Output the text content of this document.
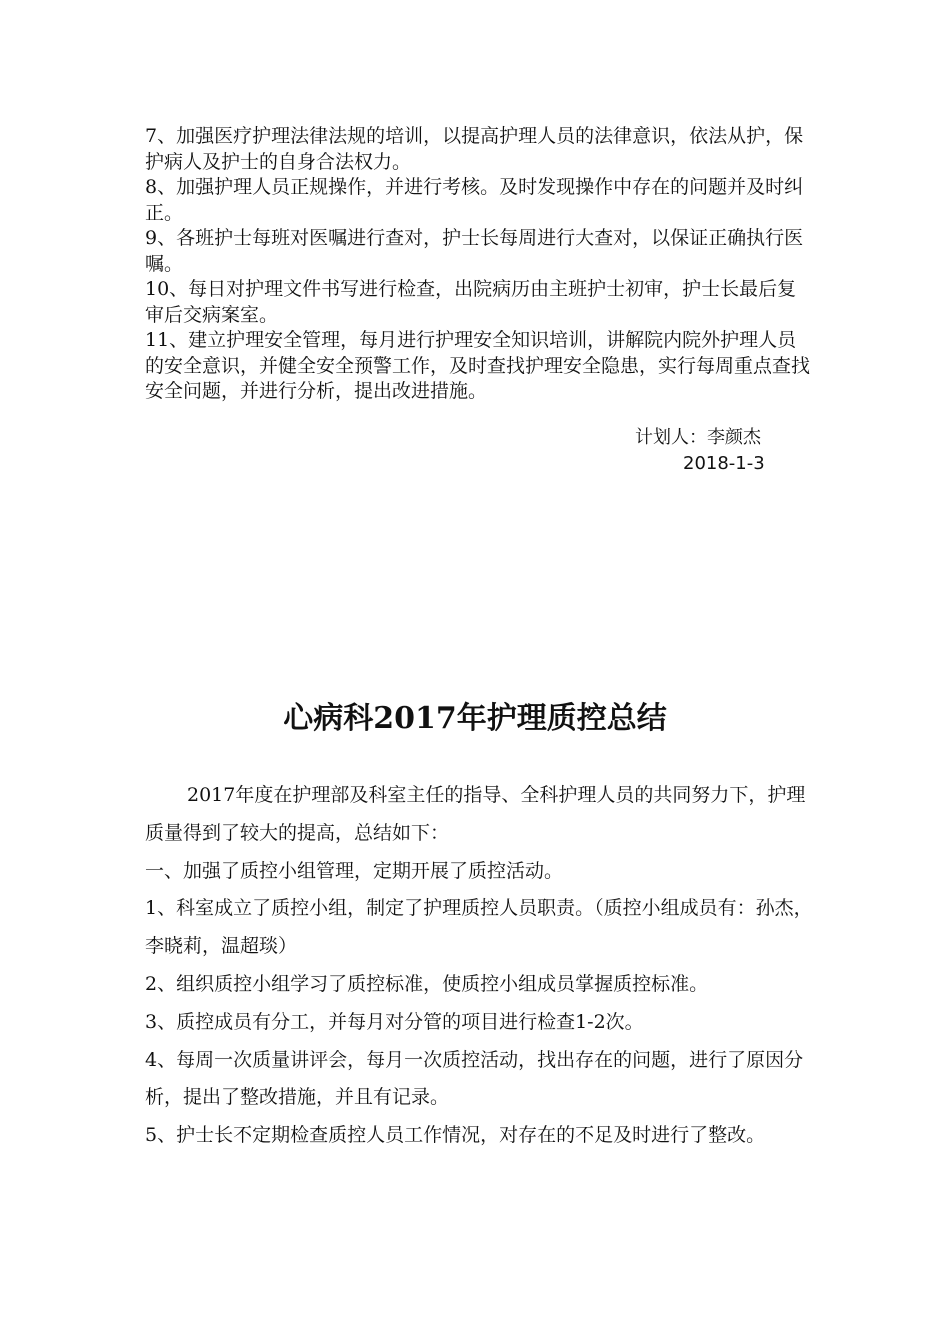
7、加强医疗护理法律法规的培训，以提高护理人员的法律意识，依法从护，保护病人及护士的自身合法权力。

8、加强护理人员正规操作，并进行考核。及时发现操作中存在的问题并及时纠正。

9、各班护士每班对医嘱进行查对，护士长每周进行大查对，以保证正确执行医嘱。

10、每日对护理文件书写进行检查，出院病历由主班护士初审，护士长最后复审后交病案室。

11、建立护理安全管理，每月进行护理安全知识培训，讲解院内院外护理人员的安全意识，并健全安全预警工作，及时查找护理安全隐患，实行每周重点查找安全问题，并进行分析，提出改进措施。

计划人：李颜杰
2018-1-3
心病科2017年护理质控总结

2017年度在护理部及科室主任的指导、全科护理人员的共同努力下，护理质量得到了较大的提高，总结如下：

一、加强了质控小组管理，定期开展了质控活动。

1、科室成立了质控小组，制定了护理质控人员职责。（质控小组成员有：孙杰，李晓莉，温超琰）

2、组织质控小组学习了质控标准，使质控小组成员掌握质控标准。

3、质控成员有分工，并每月对分管的项目进行检查1-2次。

4、每周一次质量讲评会，每月一次质控活动，找出存在的问题，进行了原因分析，提出了整改措施，并且有记录。

5、护士长不定期检查质控人员工作情况，对存在的不足及时进行了整改。
